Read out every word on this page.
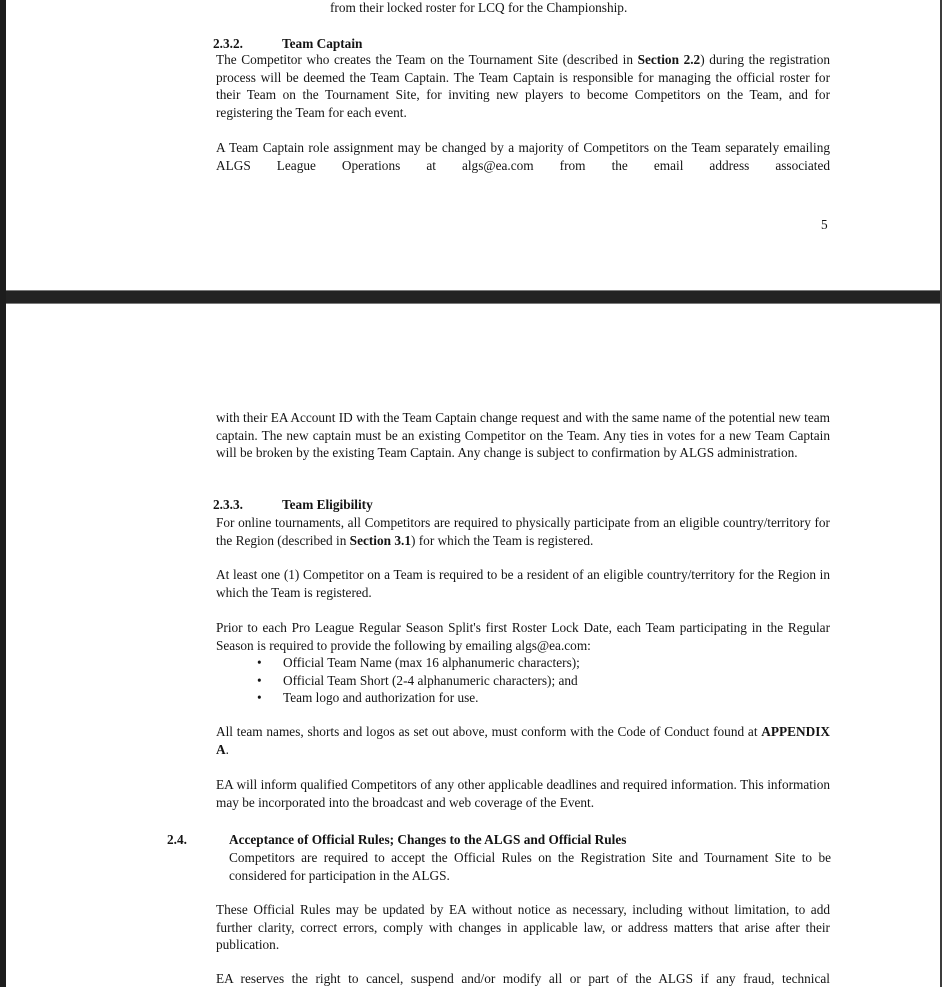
from their locked roster for LCQ for the Championship.
2.3.2.	Team Captain
The Competitor who creates the Team on the Tournament Site (described in Section 2.2) during the registration process will be deemed the Team Captain. The Team Captain is responsible for managing the official roster for their Team on the Tournament Site, for inviting new players to become Competitors on the Team, and for registering the Team for each event.
A Team Captain role assignment may be changed by a majority of Competitors on the Team separately emailing ALGS League Operations at algs@ea.com from the email address associated
5
with their EA Account ID with the Team Captain change request and with the same name of the potential new team captain. The new captain must be an existing Competitor on the Team. Any ties in votes for a new Team Captain will be broken by the existing Team Captain. Any change is subject to confirmation by ALGS administration.
2.3.3.	Team Eligibility
For online tournaments, all Competitors are required to physically participate from an eligible country/territory for the Region (described in Section 3.1) for which the Team is registered.
At least one (1) Competitor on a Team is required to be a resident of an eligible country/territory for the Region in which the Team is registered.
Prior to each Pro League Regular Season Split's first Roster Lock Date, each Team participating in the Regular Season is required to provide the following by emailing algs@ea.com:
• Official Team Name (max 16 alphanumeric characters);
• Official Team Short (2-4 alphanumeric characters); and
• Team logo and authorization for use.
All team names, shorts and logos as set out above, must conform with the Code of Conduct found at APPENDIX A.
EA will inform qualified Competitors of any other applicable deadlines and required information. This information may be incorporated into the broadcast and web coverage of the Event.
2.4.	Acceptance of Official Rules; Changes to the ALGS and Official Rules
Competitors are required to accept the Official Rules on the Registration Site and Tournament Site to be considered for participation in the ALGS.
These Official Rules may be updated by EA without notice as necessary, including without limitation, to add further clarity, correct errors, comply with changes in applicable law, or address matters that arise after their publication.
EA reserves the right to cancel, suspend and/or modify all or part of the ALGS if any fraud, technical
